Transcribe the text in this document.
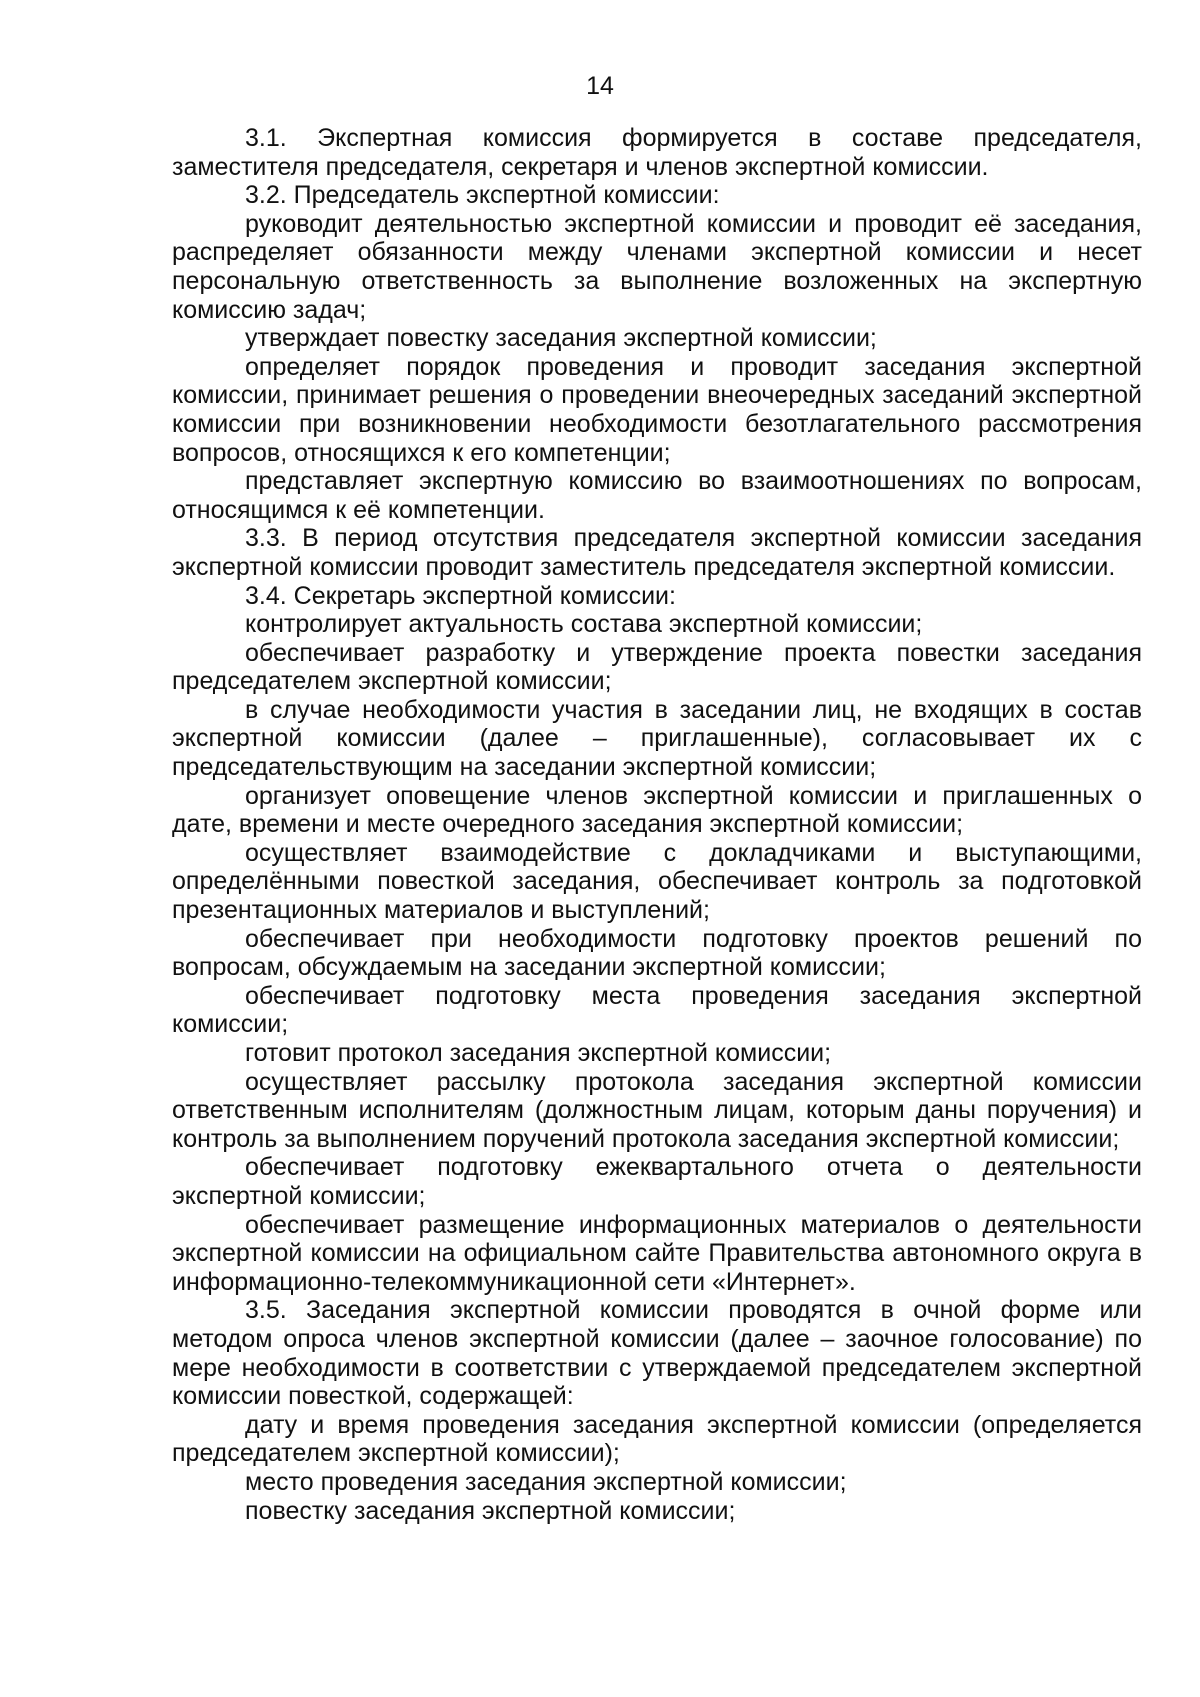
14

3.1. Экспертная комиссия формируется в составе председателя, заместителя председателя, секретаря и членов экспертной комиссии.

3.2. Председатель экспертной комиссии:

руководит деятельностью экспертной комиссии и проводит её заседания, распределяет обязанности между членами экспертной комиссии и несет персональную ответственность за выполнение возложенных на экспертную комиссию задач;

утверждает повестку заседания экспертной комиссии;

определяет порядок проведения и проводит заседания экспертной комиссии, принимает решения о проведении внеочередных заседаний экспертной комиссии при возникновении необходимости безотлагательного рассмотрения вопросов, относящихся к его компетенции;

представляет экспертную комиссию во взаимоотношениях по вопросам, относящимся к её компетенции.

3.3. В период отсутствия председателя экспертной комиссии заседания экспертной комиссии проводит заместитель председателя экспертной комиссии.

3.4. Секретарь экспертной комиссии:

контролирует актуальность состава экспертной комиссии;

обеспечивает разработку и утверждение проекта повестки заседания председателем экспертной комиссии;

в случае необходимости участия в заседании лиц, не входящих в состав экспертной комиссии (далее – приглашенные), согласовывает их с председательствующим на заседании экспертной комиссии;

организует оповещение членов экспертной комиссии и приглашенных о дате, времени и месте очередного заседания экспертной комиссии;

осуществляет взаимодействие с докладчиками и выступающими, определёнными повесткой заседания, обеспечивает контроль за подготовкой презентационных материалов и выступлений;

обеспечивает при необходимости подготовку проектов решений по вопросам, обсуждаемым на заседании экспертной комиссии;

обеспечивает подготовку места проведения заседания экспертной комиссии;

готовит протокол заседания экспертной комиссии;

осуществляет рассылку протокола заседания экспертной комиссии ответственным исполнителям (должностным лицам, которым даны поручения) и контроль за выполнением поручений протокола заседания экспертной комиссии;

обеспечивает подготовку ежеквартального отчета о деятельности экспертной комиссии;

обеспечивает размещение информационных материалов о деятельности экспертной комиссии на официальном сайте Правительства автономного округа в информационно-телекоммуникационной сети «Интернет».

3.5. Заседания экспертной комиссии проводятся в очной форме или методом опроса членов экспертной комиссии (далее – заочное голосование) по мере необходимости в соответствии с утверждаемой председателем экспертной комиссии повесткой, содержащей:

дату и время проведения заседания экспертной комиссии (определяется председателем экспертной комиссии);

место проведения заседания экспертной комиссии;

повестку заседания экспертной комиссии;
